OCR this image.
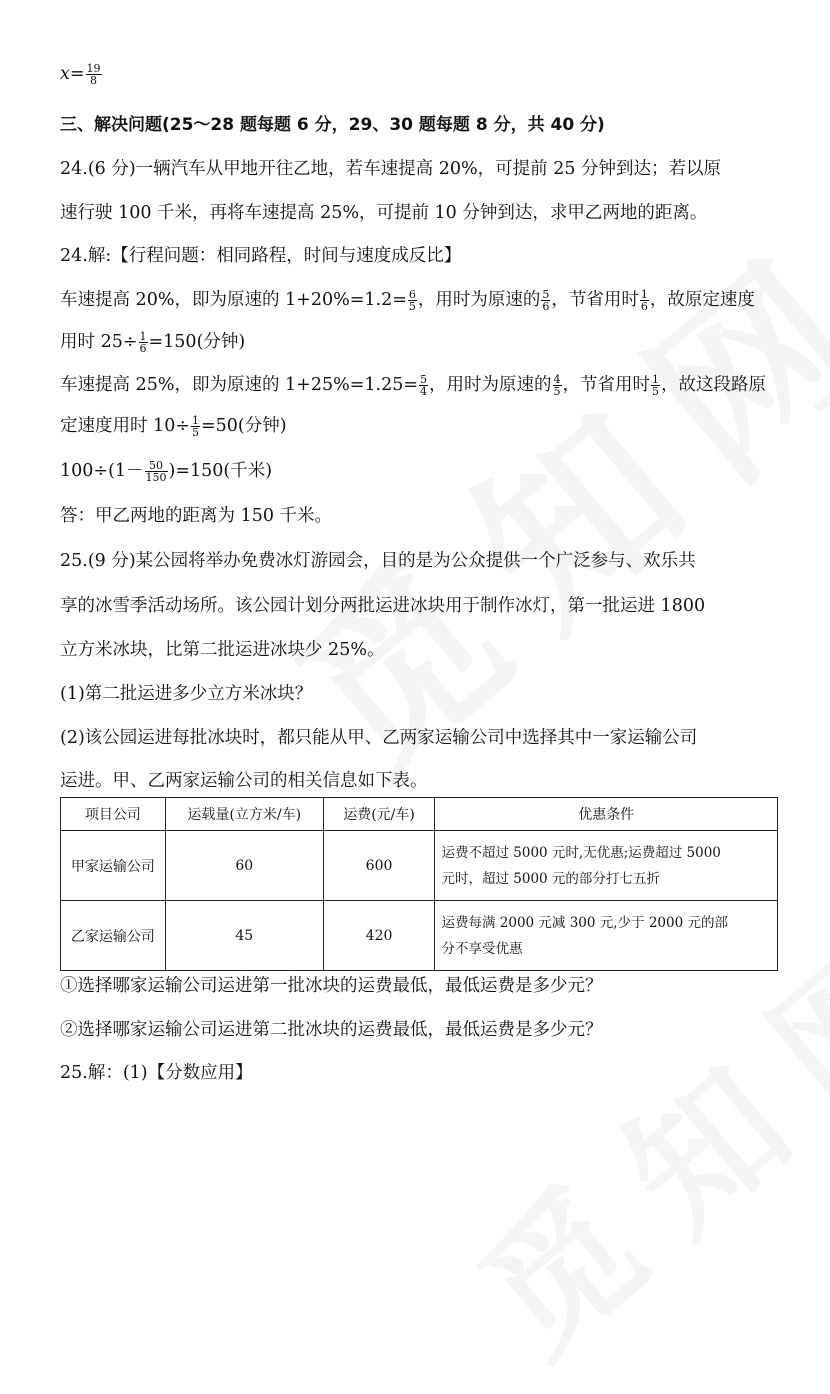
$x= \frac{19}{8}$
三、解决问题(25～28 题每题 6 分，29、30 题每题 8 分，共 40 分)
24.(6 分)一辆汽车从甲地开往乙地，若车速提高 20%，可提前 25 分钟到达；若以原
速行驶 100 千米，再将车速提高 25%，可提前 10 分钟到达，求甲乙两地的距离。
24.解:【行程问题：相同路程，时间与速度成反比】
车速提高 20%，即为原速的 $1+20\%=1.2= \frac{6}{5}$ ，用时为原速的 $\frac{5}{6}$ ，节省用时 $\frac{1}{6}$ ，故原定速度
用时 $25\div \frac{1}{6} =150$(分钟)
车速提高 25%，即为原速的 $1+25\%=1.25= \frac{5}{4}$ ，用时为原速的 $\frac{4}{5}$ ，节省用时 $\frac{1}{5}$ ，故这段路原
定速度用时 $10\div \frac{1}{5} =50$(分钟)
$100\div(1- \frac{50}{150} )=150$(千米)
答：甲乙两地的距离为 150 千米。
25.(9 分)某公园将举办免费冰灯游园会，目的是为公众提供一个广泛参与、欢乐共
享的冰雪季活动场所。该公园计划分两批运进冰块用于制作冰灯，第一批运进 1800
立方米冰块，比第二批运进冰块少 25%。
(1)第二批运进多少立方米冰块？
(2)该公园运进每批冰块时，都只能从甲、乙两家运输公司中选择其中一家运输公司
运进。甲、乙两家运输公司的相关信息如下表。
项目公司	运载量(立方米/车)	运费(元/车)	优惠条件
甲家运输公司	60	600	运费不超过 5000 元时,无优惠;运费超过 5000
元时，超过 5000 元的部分打七五折

乙家运输公司	45	420	运费每满 2000 元减 300 元,少于 2000 元的部
分不享受优惠
①选择哪家运输公司运进第一批冰块的运费最低，最低运费是多少元？
②选择哪家运输公司运进第二批冰块的运费最低，最低运费是多少元？
25.解：(1)【分数应用】
